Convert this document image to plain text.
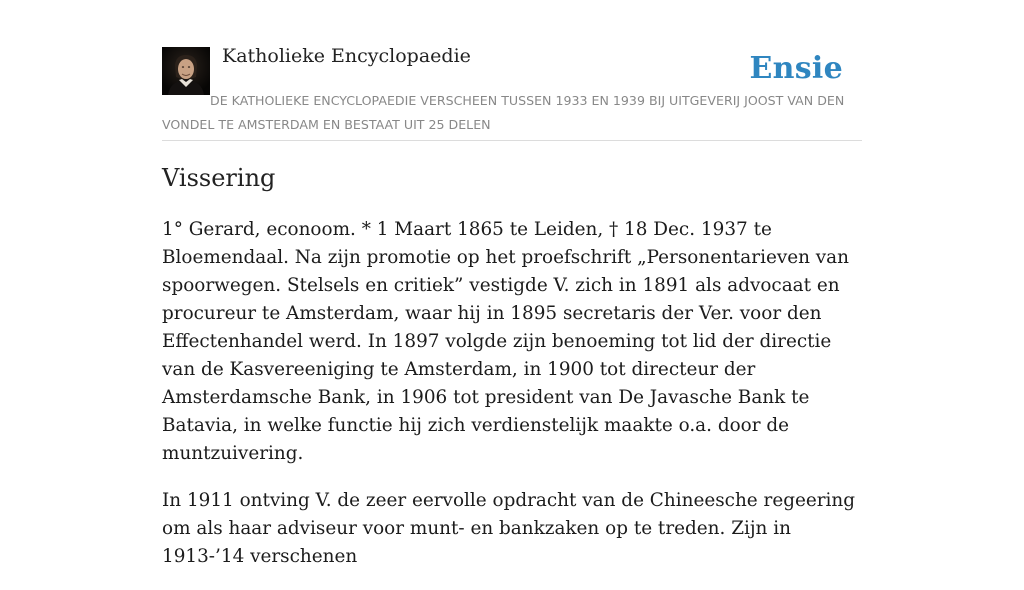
Katholieke Encyclopaedie	Ensie
DE KATHOLIEKE ENCYCLOPAEDIE VERSCHEEN TUSSEN 1933 EN 1939 BIJ UITGEVERIJ JOOST VAN DEN VONDEL TE AMSTERDAM EN BESTAAT UIT 25 DELEN
Vissering

1° Gerard, econoom. * 1 Maart 1865 te Leiden, † 18 Dec. 1937 te Bloemendaal. Na zijn promotie op het proefschrift „Personentarieven van spoorwegen. Stelsels en critiek” vestigde V. zich in 1891 als advocaat en procureur te Amsterdam, waar hij in 1895 secretaris der Ver. voor den Effectenhandel werd. In 1897 volgde zijn benoeming tot lid der directie van de Kasvereeniging te Amsterdam, in 1900 tot directeur der Amsterdamsche Bank, in 1906 tot president van De Javasche Bank te Batavia, in welke functie hij zich verdienstelijk maakte o.a. door de muntzuivering.

In 1911 ontving V. de zeer eervolle opdracht van de Chineesche regeering om als haar adviseur voor munt- en bankzaken op te treden. Zijn in 1913-’14 verschenen
